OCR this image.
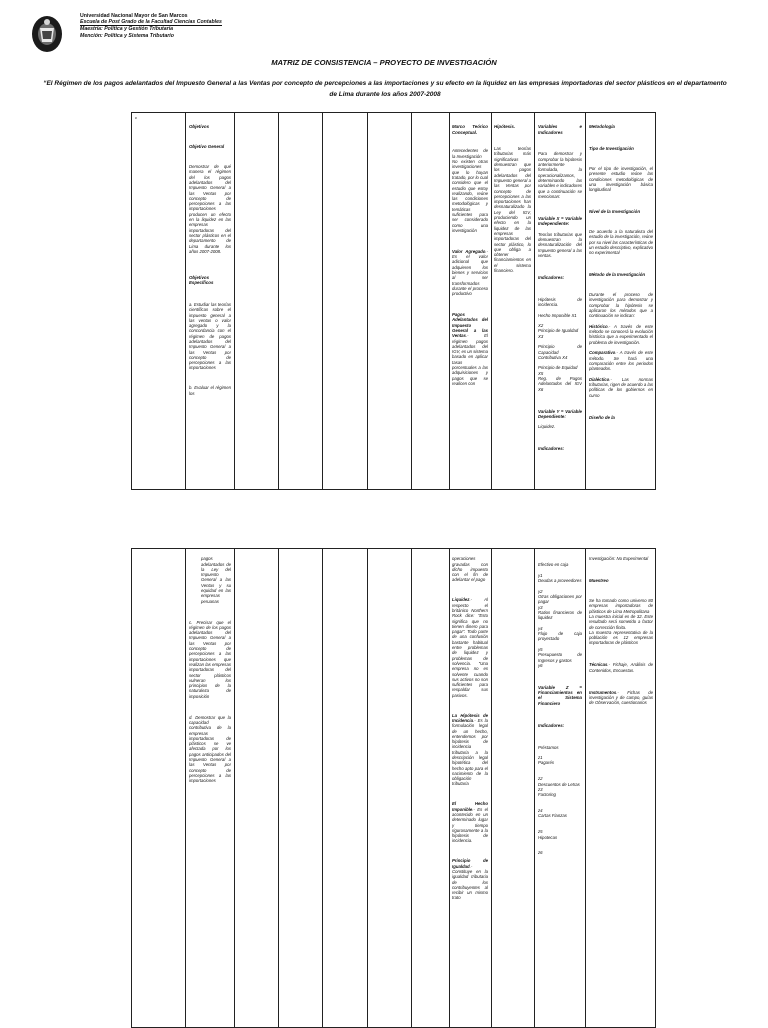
Universidad Nacional Mayor de San Marcos
Escuela de Post Grado de la Facultad Ciencias Contables
Maestría: Política y Gestión Tributaria
Mención: Política y Sistema Tributario
MATRIZ DE CONSISTENCIA – PROYECTO DE INVESTIGACIÓN
“El Régimen de los pagos adelantados del Impuesto General a las Ventas por concepto de percepciones a las importaciones y su efecto en la liquidez en las empresas importadoras del sector plásticos en el departamento de Lima durante los años 2007-2008
c

Objetivos

Objetivo General

Demostrar de qué manera el régimen del los pagos adelantados del Impuesto General a las Ventas por concepto de percepciones a las importaciones producen un efecto en la liquidez en las empresas importadoras del sector plásticos en el departamento de Lima durante los años 2007-2008.

Objetivos Específicos

a. Estudiar las teorías científicas sobre el impuesto general a las ventas o valor agregado y la concordancia con el régimen de pagos adelantados del Impuesto General a las Ventas por concepto de percepciones a las importaciones

b. Evaluar el régimen los

Marco Teórico Conceptual.

Antecedentes de la Investigación
No existen otras investigaciones que lo hayan tratado, por lo cual considero que el estudio que estoy realizando, reúne las condiciones metodológicas y temáticas suficientes para ser considerado como una investigación

Valor Agregado.- Es el valor adicional que adquieren los bienes y servicios al ser transformados durante el proceso productivo

Pagos Adelantados del Impuesto General a las Ventas.- El régimen pagos adelantados del IGV, es un sistema basado en aplicar tasas porcentuales a las adquisiciones y pagos que se realicen con

Hipótesis.

Las teorías tributarias más significativas demuestran que los pagos adelantados del Impuesto general a las Ventas por concepto de percepciones a las importaciones han desnaturalizado la Ley del IGV, produciendo un efecto en la liquidez de las empresas importadoras del sector plástico, lo que obliga a obtener financiamientos en el sistema financiero.

Variables e Indicadores

Para demostrar y comprobar la hipótesis anteriormente formulada, la operacionalizamos, determinando las variables e indicadores que a continuación se mencionan:

Variable X = Variable Independiente:

Teorías tributarias que demuestran la desnaturalización del Impuesto general a las ventas.

Indicadores:

Hipótesis de incidencia.

Hecho Imponible X1

X2
Principio de Igualdad
X3

Principio de Capacidad Contributiva X4

Principio de Equidad
X5
Reg. de Pagos Adelantados del IGV X6

Variable Y = Variable Dependiente:

Liquidez.

Indicadores:

Metodología

Tipo de Investigación

Por el tipo de investigación, el presente estudio reúne las condiciones metodológicas de una investigación básica longitudinal

Nivel de la Investigación

De acuerdo a la naturaleza del estudio de la investigación, reúne por su nivel las características de un estudio descriptivo, explicativo no experimental

Método de la Investigación

Durante el proceso de investigación para demostrar y comprobar la hipótesis se aplicaron los métodos que a continuación se indican:

Histórico.- A través de este método se conocerá la evolución histórica que a experimentado el problema de investigación.

Comparativo.- A través de este método. Se hará una comparación entre los periodos planteados.

Dialéctico.- Las normas tributarias, rigen de acuerdo a las políticas de los gobiernos en curso

Diseño de la

pagos adelantados de la Ley del Impuesto General a las Ventas y su equidad en las empresas peruanas

c. Precisar que el régimen de los pagos adelantados del Impuesto General a las Ventas por concepto de percepciones a las importaciones que realizan las empresas importadoras del sector plásticos vulneran los principios de la naturaleza de imposición

d. Demostrar que la capacidad contributiva de la empresas importadoras de plásticos se ve afectada por los pagos anticipados del Impuesto General a las Ventas por concepto de percepciones a las importaciones

operaciones gravadas con dicho impuesto con el fin de adelantar el pago

Liquidez.- Al respecto el británico Northern Rock dice: “Esto significa que no tienen dinero para pagar”. Todo parte de una confusión bastante habitual entre problemas de liquidez y problemas de solvencia. “Una empresa no es solvente cuando sus activos no son suficientes para respaldar sus pasivos.

La Hipótesis de Incidencia.- Es la formulación legal de un hecho, entendemos por hipótesis de incidencia tributaria a la descripción legal hipotética del hecho apto para el nacimiento de la obligación tributaria

El Hecho Imponible.- Es el acontecido en un determinado lugar y tiempo rigurosamente a la hipótesis de incidencia.

Principio de Igualdad.- Constituye en la igualdad tributaria de los contribuyentes al recibir un mismo trato

Efectivo en caja

y1
Deudas a proveedores

y2
Otras obligaciones por pagar
y3
Ratios financieros de liquidez

y4
Flujo de caja proyectado

y5
Presupuesto de Ingresos y gastos
y6

Variable Z = Financiamientos en el Sistema Financiero

Indicadores:

Préstamos

z1
Pagarés

z2
Descuentos de Letras
z3
Factoring

z4
Cartas Fianzas

z5
Hipotecas

z6

Investigación: No Experimental

Muestreo

Se ha tomado como universo 80 empresas importadoras de plásticos de Lima Metropolitana
La muestra inicial es de 32. Este resultado será sometido a factor de corrección finita.
La muestra representativa de la población es 12 empresas importadoras de plásticos

Técnicas.- Fichaje, Análisis de Contenidos, Encuestas.

Instrumentos.- Fichas de investigación y de campo, guías de Observación, cuestionarios
